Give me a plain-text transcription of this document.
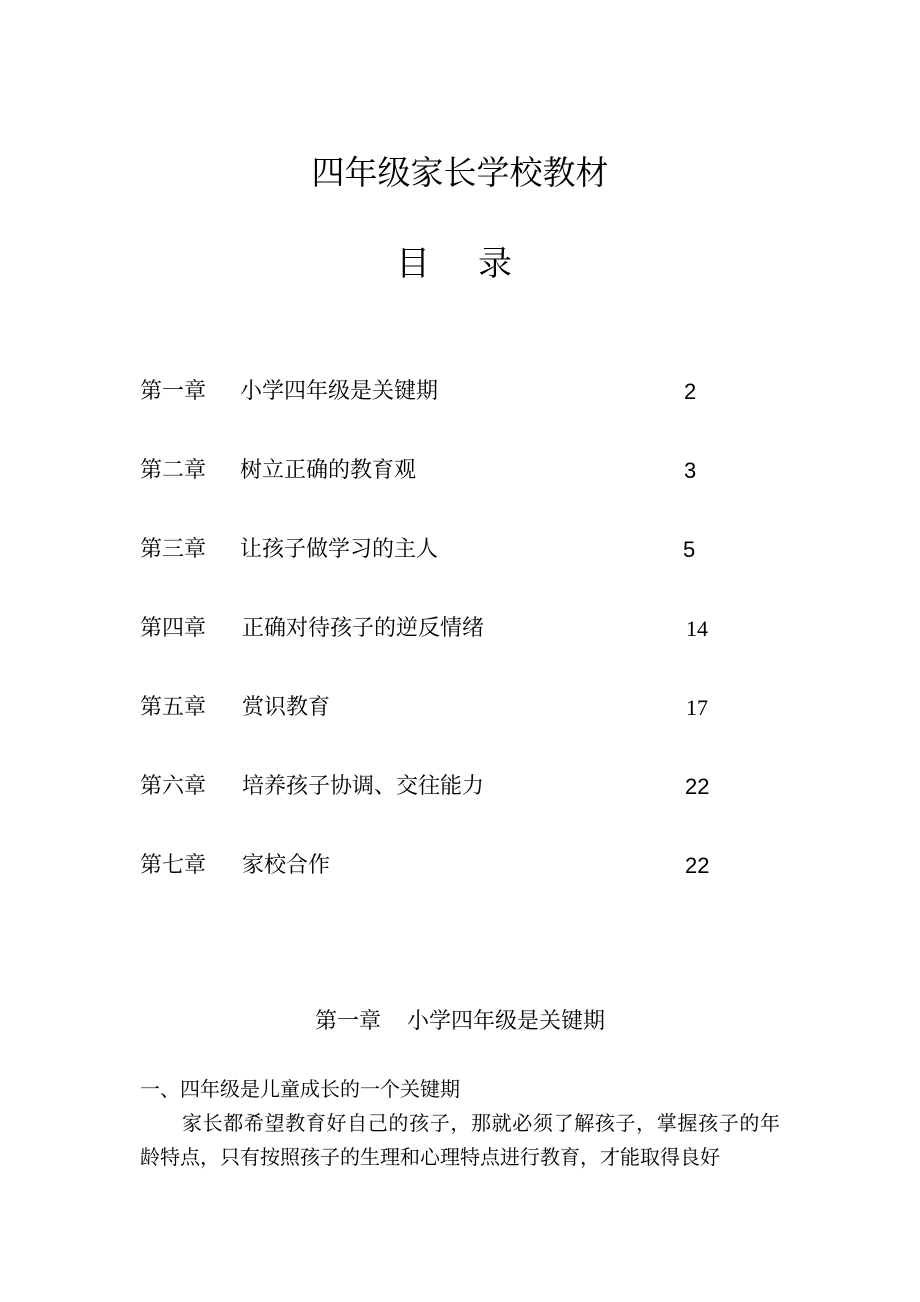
四年级家长学校教材
目 录
第一章 小学四年级是关键期	2
第二章 树立正确的教育观	3
第三章 让孩子做学习的主人	5
第四章 正确对待孩子的逆反情绪	14
第五章 赏识教育	17
第六章 培养孩子协调、交往能力	22
第七章 家校合作	22
第一章 小学四年级是关键期
一、四年级是儿童成长的一个关键期

家长都希望教育好自己的孩子，那就必须了解孩子，掌握孩子的年龄特点，只有按照孩子的生理和心理特点进行教育，才能取得良好
